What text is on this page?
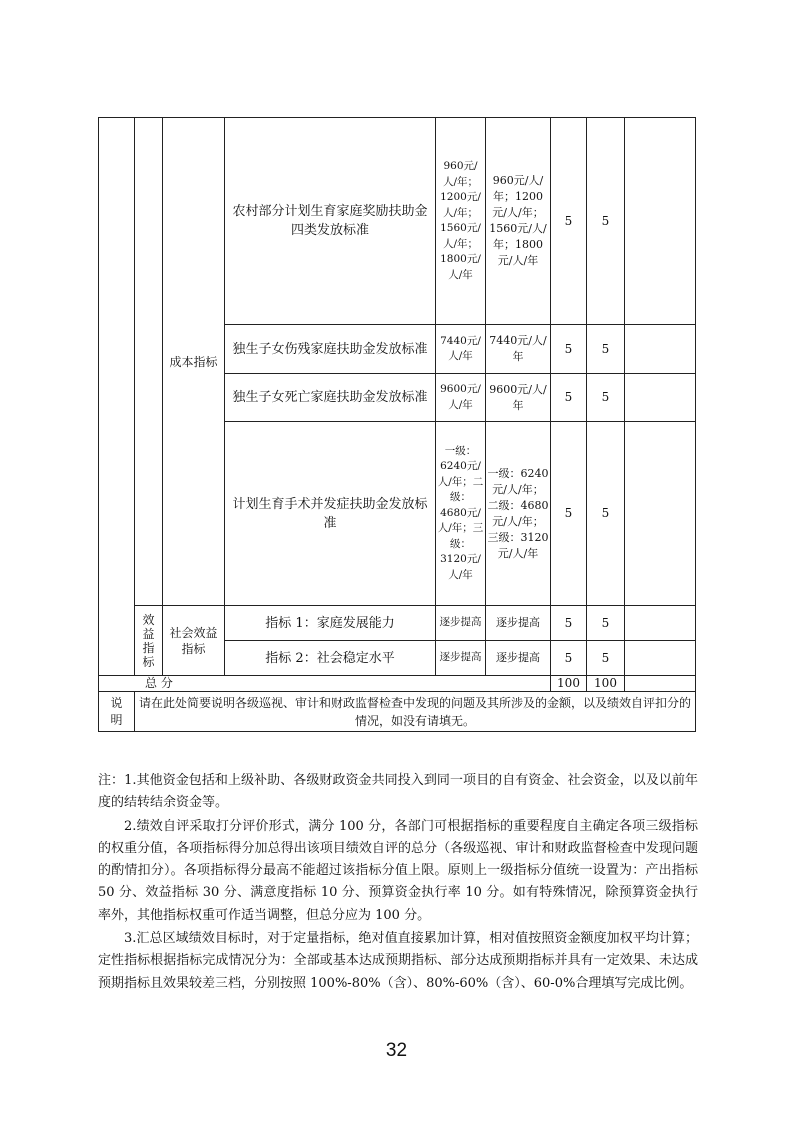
		成本指标	农村部分计划生育家庭奖励扶助金四类发放标准	960元/人/年；1200元/人/年；1560元/人/年；1800元/人/年	960元/人/年；1200元/人/年；1560元/人/年；1800元/人/年	5	5	
			独生子女伤残家庭扶助金发放标准	7440元/人/年	7440元/人/年	5	5	
			独生子女死亡家庭扶助金发放标准	9600元/人/年	9600元/人/年	5	5	
			计划生育手术并发症扶助金发放标准	一级：6240元/人/年；二级：4680元/人/年；三级：3120元/人/年	一级：6240元/人/年；二级：4680元/人/年；三级：3120元/人/年	5	5	
	效益指标	社会效益指标	指标 1：家庭发展能力	逐步提高	逐步提高	5	5	
			指标 2：社会稳定水平	逐步提高	逐步提高	5	5	
总 分						100	100	
说明	请在此处简要说明各级巡视、审计和财政监督检查中发现的问题及其所涉及的金额，以及绩效自评扣分的情况，如没有请填无。							

注：1.其他资金包括和上级补助、各级财政资金共同投入到同一项目的自有资金、社会资金，以及以前年度的结转结余资金等。

2.绩效自评采取打分评价形式，满分 100 分，各部门可根据指标的重要程度自主确定各项三级指标的权重分值，各项指标得分加总得出该项目绩效自评的总分（各级巡视、审计和财政监督检查中发现问题的酌情扣分）。各项指标得分最高不能超过该指标分值上限。原则上一级指标分值统一设置为：产出指标 50 分、效益指标 30 分、满意度指标 10 分、预算资金执行率 10 分。如有特殊情况，除预算资金执行率外，其他指标权重可作适当调整，但总分应为 100 分。

3.汇总区域绩效目标时，对于定量指标，绝对值直接累加计算，相对值按照资金额度加权平均计算；定性指标根据指标完成情况分为：全部或基本达成预期指标、部分达成预期指标并具有一定效果、未达成预期指标且效果较差三档，分别按照 100%-80%（含）、80%-60%（含）、60-0%合理填写完成比例。

32
